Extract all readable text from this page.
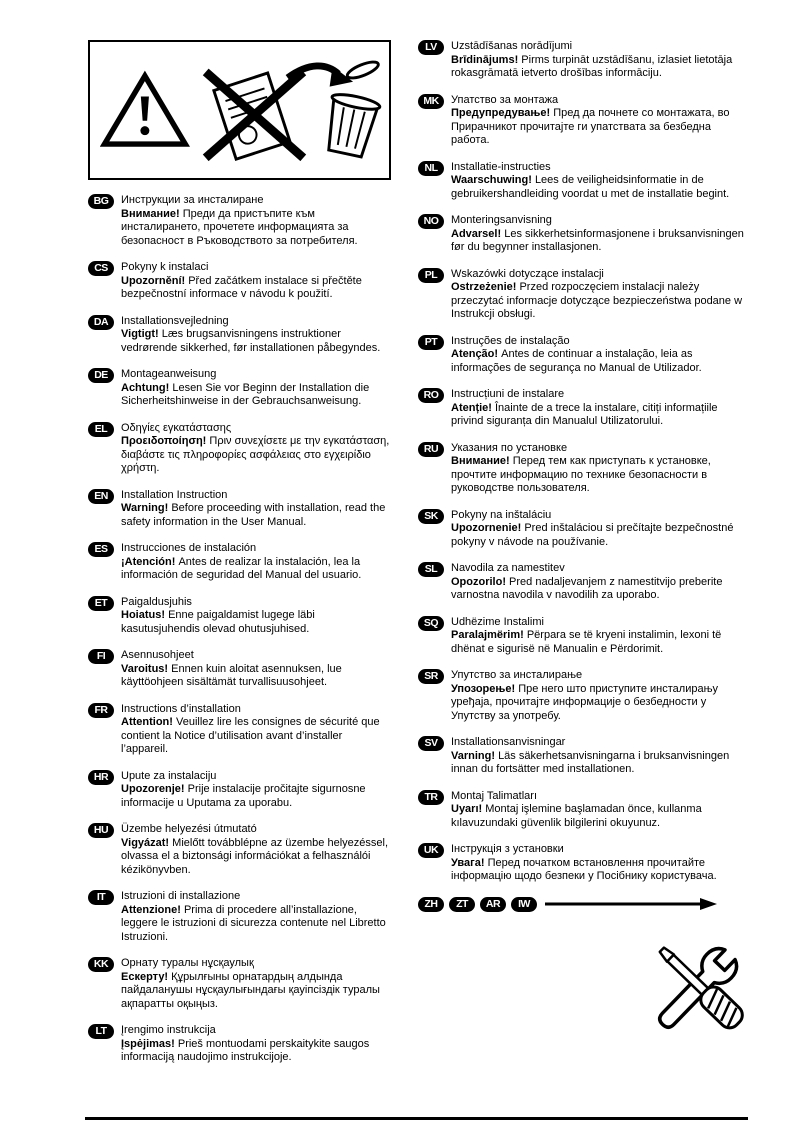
BG	Инструкции за инсталиране
Внимание! Преди да пристъпите към инсталирането, прочетете информацията за безопасност в Ръководството за потребителя.
CS	Pokyny k instalaci
Upozornění! Před začátkem instalace si přečtěte bezpečnostní informace v návodu k použití.
DA	Installationsvejledning
Vigtigt! Læs brugsanvisningens instruktioner vedrørende sikkerhed, før installationen påbegyndes.
DE	Montageanweisung
Achtung! Lesen Sie vor Beginn der Installation die Sicherheitshinweise in der Gebrauchsanweisung.
EL	Οδηγίες εγκατάστασης
Προειδοποίηση! Πριν συνεχίσετε με την εγκατάσταση, διαβάστε τις πληροφορίες ασφάλειας στο εγχειρίδιο χρήστη.
EN	Installation Instruction
Warning! Before proceeding with installation, read the safety information in the User Manual.
ES	Instrucciones de instalación
¡Atención! Antes de realizar la instalación, lea la información de seguridad del Manual del usuario.
ET	Paigaldusjuhis
Hoiatus! Enne paigaldamist lugege läbi kasutusjuhendis olevad ohutusjuhised.
FI	Asennusohjeet
Varoitus! Ennen kuin aloitat asennuksen, lue käyttöohjeen sisältämät turvallisuusohjeet.
FR	Instructions d’installation
Attention! Veuillez lire les consignes de sécurité que contient la Notice d’utilisation avant d’installer l’appareil.
HR	Upute za instalaciju
Upozorenje! Prije instalacije pročitajte sigurnosne informacije u Uputama za uporabu.
HU	Üzembe helyezési útmutató
Vigyázat! Mielőtt továbblépne az üzembe helyezéssel, olvassa el a biztonsági információkat a felhasználói kézikönyvben.
IT	Istruzioni di installazione
Attenzione! Prima di procedere all’installazione, leggere le istruzioni di sicurezza contenute nel Libretto Istruzioni.
KK	Орнату туралы нұсқаулық
Ескерту! Құрылғыны орнатардың алдында пайдаланушы нұсқаулығындағы қауіпсіздік туралы ақпаратты оқыңыз.
LT	Įrengimo instrukcija
Įspėjimas! Prieš montuodami perskaitykite saugos informaciją naudojimo instrukcijoje.
LV	Uzstādīšanas norādījumi
Brīdinājums! Pirms turpināt uzstādīšanu, izlasiet lietotāja rokasgrāmatā ietverto drošības informāciju.
MK	Упатство за монтажа
Предупредување! Пред да почнете со монтажата, во Прирачникот прочитајте ги упатствата за безбедна работа.
NL	Installatie-instructies
Waarschuwing! Lees de veiligheidsinformatie in de gebruikershandleiding voordat u met de installatie begint.
NO	Monteringsanvisning
Advarsel! Les sikkerhetsinformasjonene i bruksanvisningen før du begynner installasjonen.
PL	Wskazówki dotyczące instalacji
Ostrzeżenie! Przed rozpoczęciem instalacji należy przeczytać informacje dotyczące bezpieczeństwa podane w Instrukcji obsługi.
PT	Instruções de instalação
Atenção! Antes de continuar a instalação, leia as informações de segurança no Manual de Utilizador.
RO	Instrucțiuni de instalare
Atenție! Înainte de a trece la instalare, citiți informațiile privind siguranța din Manualul Utilizatorului.
RU	Указания по установке
Внимание! Перед тем как приступать к установке, прочтите информацию по технике безопасности в руководстве пользователя.
SK	Pokyny na inštaláciu
Upozornenie! Pred inštaláciou si prečítajte bezpečnostné pokyny v návode na používanie.
SL	Navodila za namestitev
Opozorilo! Pred nadaljevanjem z namestitvijo preberite varnostna navodila v navodilih za uporabo.
SQ	Udhëzime Instalimi
Paralajmërim! Përpara se të kryeni instalimin, lexoni të dhënat e sigurisë në Manualin e Përdorimit.
SR	Упутство за инсталирање
Упозорење! Пре него што приступите инсталирању уређаја, прочитајте информације о безбедности у Упутству за употребу.
SV	Installationsanvisningar
Varning! Läs säkerhetsanvisningarna i bruksanvisningen innan du fortsätter med installationen.
TR	Montaj Talimatları
Uyarı! Montaj işlemine başlamadan önce, kullanma kılavuzundaki güvenlik bilgilerini okuyunuz.
UK	Інструкція з установки
Увага! Перед початком встановлення прочитайте інформацію щодо безпеки у Посібнику користувача.
ZH	ZT	AR	IW
